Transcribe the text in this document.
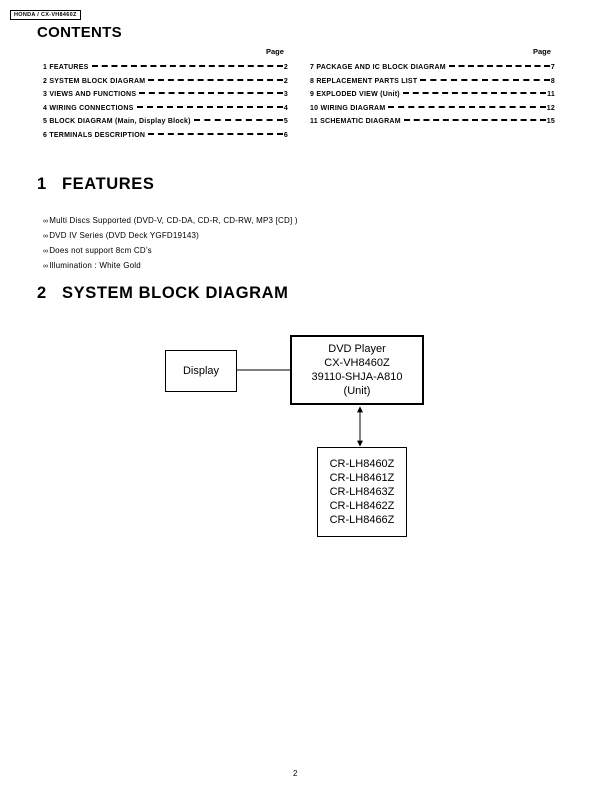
HONDA / CX-VH8460Z
CONTENTS
Page	Page
1 FEATURES	2
2 SYSTEM BLOCK DIAGRAM	2
3 VIEWS AND FUNCTIONS	3
4 WIRING CONNECTIONS	4
5 BLOCK DIAGRAM (Main, Display Block)	5
6 TERMINALS DESCRIPTION	6
7 PACKAGE AND IC BLOCK DIAGRAM	7
8 REPLACEMENT PARTS LIST	8
9 EXPLODED VIEW (Unit)	11
10 WIRING DIAGRAM	12
11 SCHEMATIC DIAGRAM	15
1 FEATURES
∞Multi Discs Supported (DVD-V, CD-DA, CD-R, CD-RW, MP3 [CD] )
∞DVD IV Series (DVD Deck YGFD19143)
∞Does not support 8cm CD’s
∞Illumination : White Gold
2 SYSTEM BLOCK DIAGRAM
Display
DVD Player
CX-VH8460Z
39110-SHJA-A810
(Unit)
CR-LH8460Z
CR-LH8461Z
CR-LH8463Z
CR-LH8462Z
CR-LH8466Z
2
